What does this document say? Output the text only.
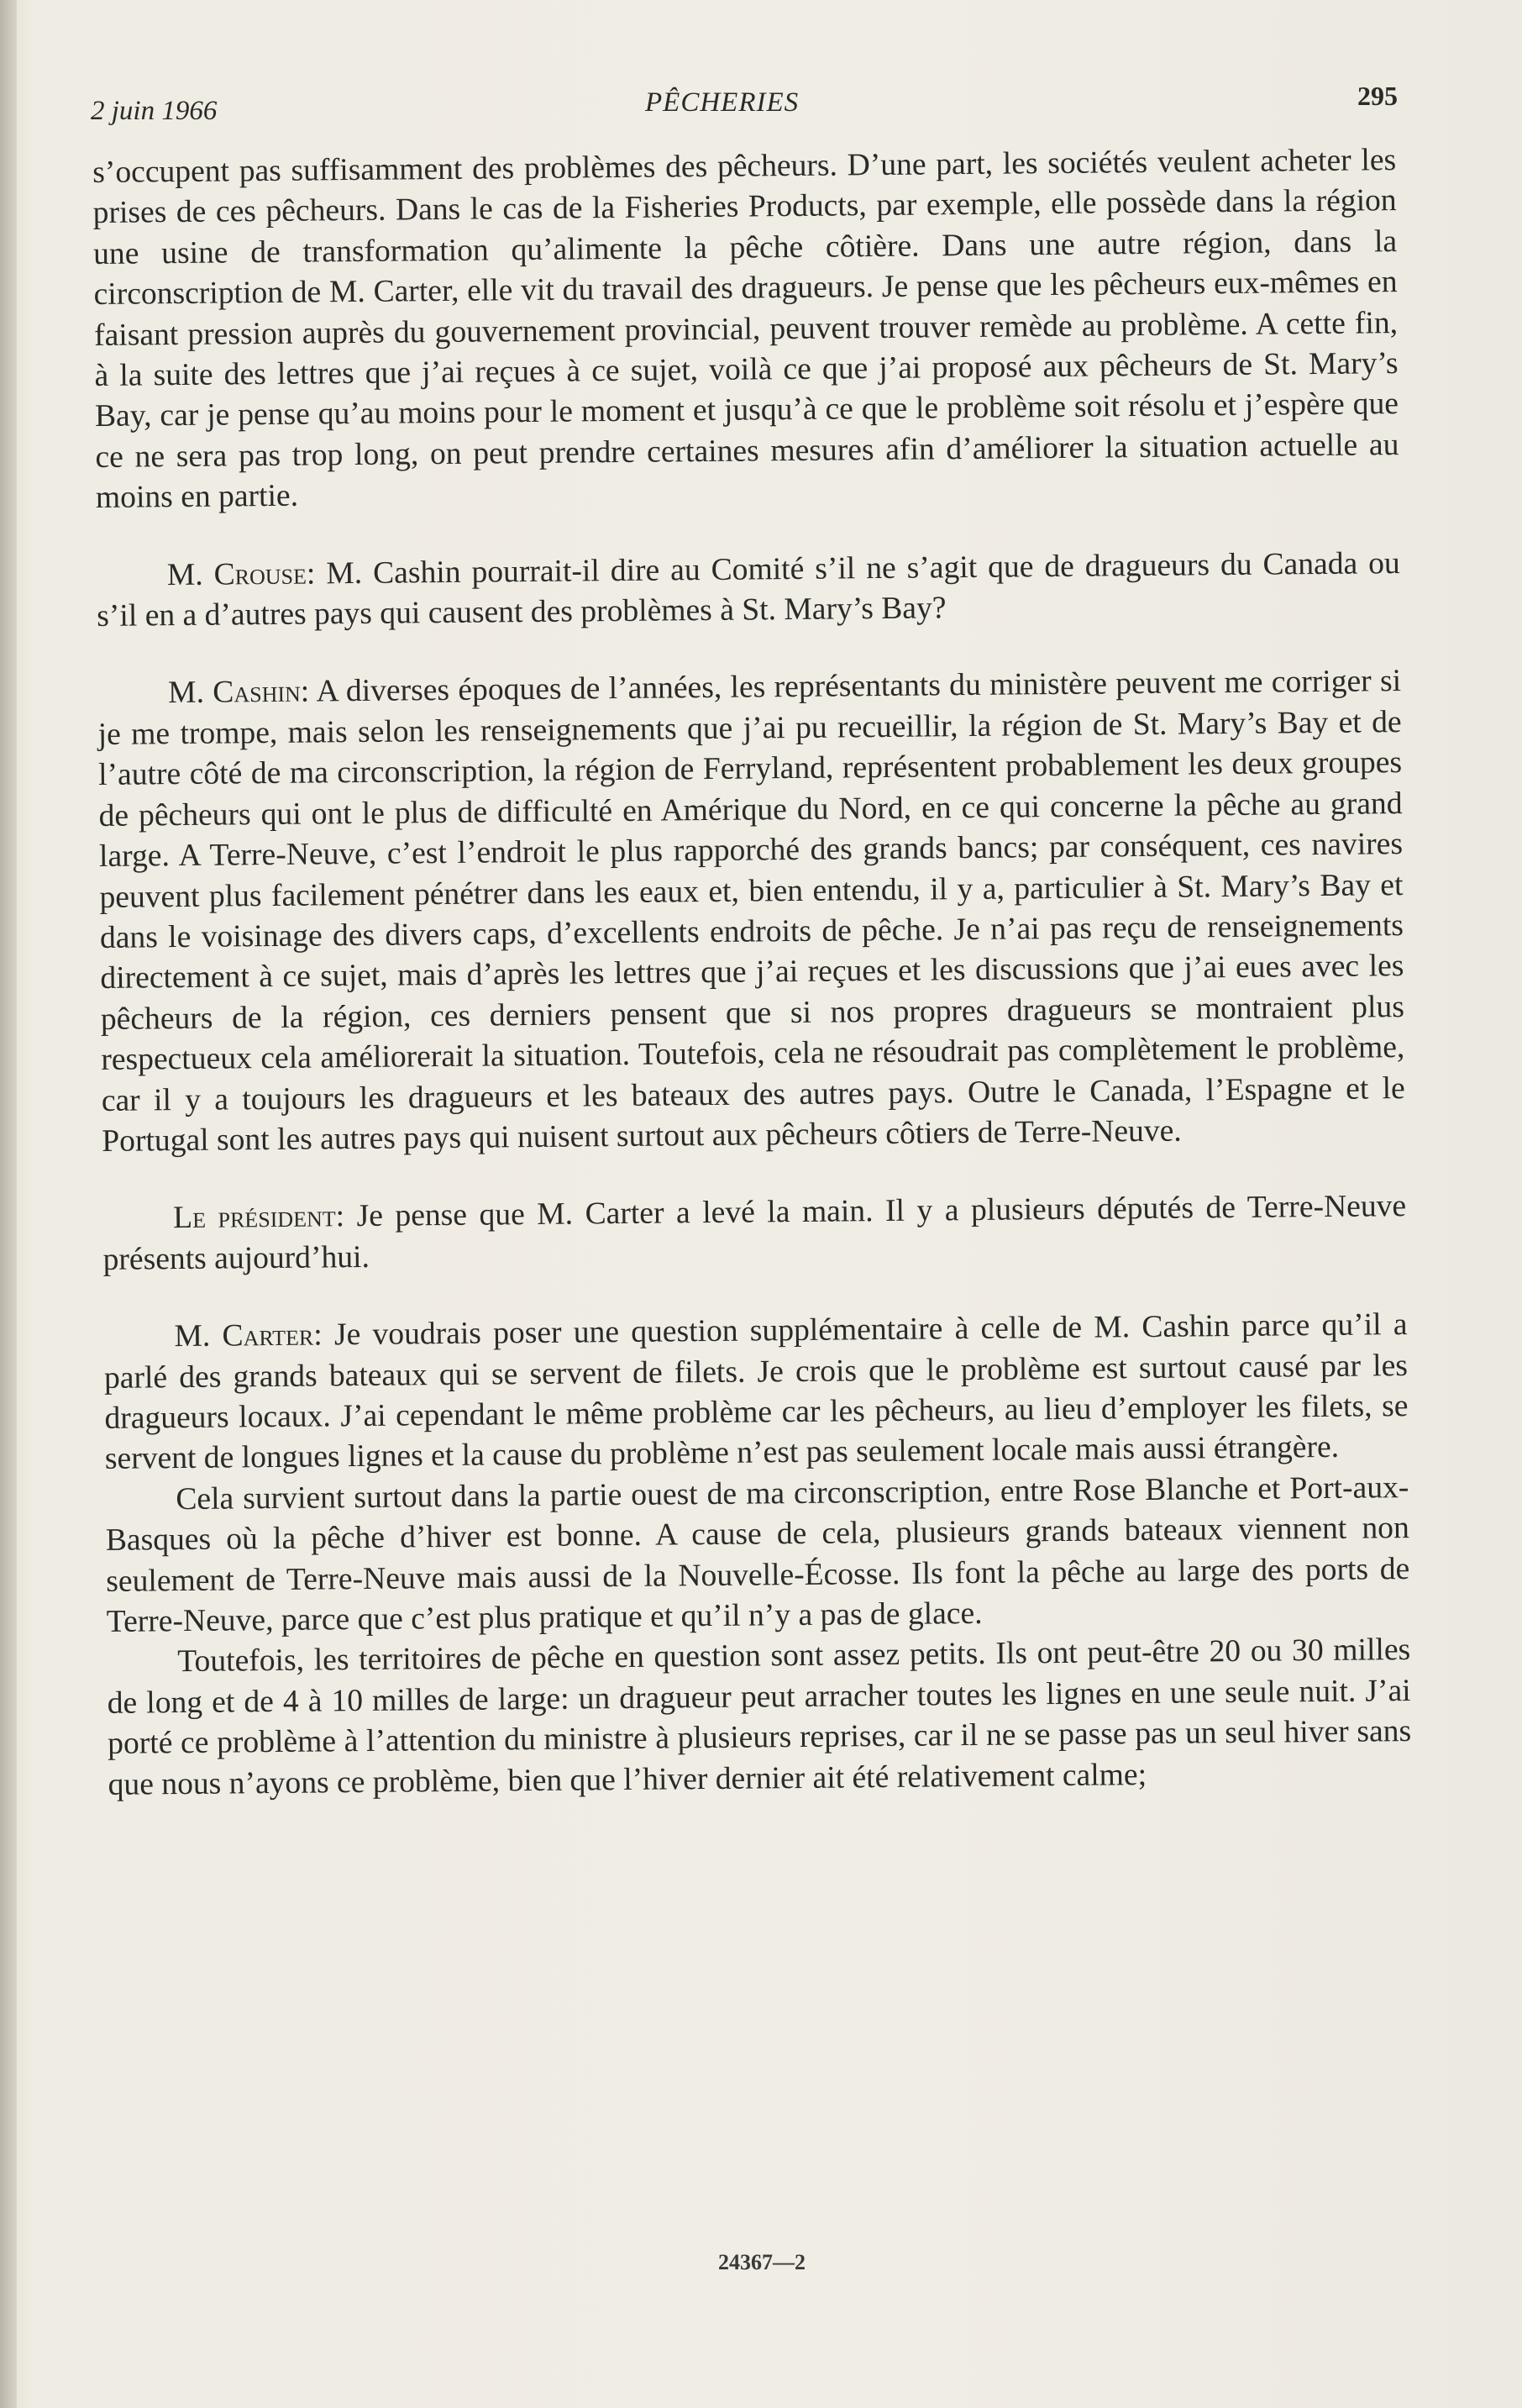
2 juin 1966	PÊCHERIES	295

s’occupent pas suffisamment des problèmes des pêcheurs. D’une part, les sociétés veulent acheter les prises de ces pêcheurs. Dans le cas de la Fisheries Products, par exemple, elle possède dans la région une usine de transformation qu’alimente la pêche côtière. Dans une autre région, dans la circonscription de M. Carter, elle vit du travail des dragueurs. Je pense que les pêcheurs eux-mêmes en faisant pression auprès du gouvernement provincial, peuvent trouver remède au problème. A cette fin, à la suite des lettres que j’ai reçues à ce sujet, voilà ce que j’ai proposé aux pêcheurs de St. Mary’s Bay, car je pense qu’au moins pour le moment et jusqu’à ce que le problème soit résolu et j’espère que ce ne sera pas trop long, on peut prendre certaines mesures afin d’améliorer la situation actuelle au moins en partie.

M. Crouse: M. Cashin pourrait-il dire au Comité s’il ne s’agit que de dragueurs du Canada ou s’il en a d’autres pays qui causent des problèmes à St. Mary’s Bay?

M. Cashin: A diverses époques de l’années, les représentants du ministère peuvent me corriger si je me trompe, mais selon les renseignements que j’ai pu recueillir, la région de St. Mary’s Bay et de l’autre côté de ma circonscription, la région de Ferryland, représentent probablement les deux groupes de pêcheurs qui ont le plus de difficulté en Amérique du Nord, en ce qui concerne la pêche au grand large. A Terre-Neuve, c’est l’endroit le plus rapporché des grands bancs; par conséquent, ces navires peuvent plus facilement pénétrer dans les eaux et, bien entendu, il y a, particulier à St. Mary’s Bay et dans le voisinage des divers caps, d’excellents endroits de pêche. Je n’ai pas reçu de renseignements directement à ce sujet, mais d’après les lettres que j’ai reçues et les discussions que j’ai eues avec les pêcheurs de la région, ces derniers pensent que si nos propres dragueurs se montraient plus respectueux cela améliorerait la situation. Toutefois, cela ne résoudrait pas complètement le problème, car il y a toujours les dragueurs et les bateaux des autres pays. Outre le Canada, l’Espagne et le Portugal sont les autres pays qui nuisent surtout aux pêcheurs côtiers de Terre-Neuve.

Le président: Je pense que M. Carter a levé la main. Il y a plusieurs députés de Terre-Neuve présents aujourd’hui.

M. Carter: Je voudrais poser une question supplémentaire à celle de M. Cashin parce qu’il a parlé des grands bateaux qui se servent de filets. Je crois que le problème est surtout causé par les dragueurs locaux. J’ai cependant le même problème car les pêcheurs, au lieu d’employer les filets, se servent de longues lignes et la cause du problème n’est pas seulement locale mais aussi étrangère.

Cela survient surtout dans la partie ouest de ma circonscription, entre Rose Blanche et Port-aux-Basques où la pêche d’hiver est bonne. A cause de cela, plusieurs grands bateaux viennent non seulement de Terre-Neuve mais aussi de la Nouvelle-Écosse. Ils font la pêche au large des ports de Terre-Neuve, parce que c’est plus pratique et qu’il n’y a pas de glace.

Toutefois, les territoires de pêche en question sont assez petits. Ils ont peut-être 20 ou 30 milles de long et de 4 à 10 milles de large: un dragueur peut arracher toutes les lignes en une seule nuit. J’ai porté ce problème à l’attention du ministre à plusieurs reprises, car il ne se passe pas un seul hiver sans que nous n’ayons ce problème, bien que l’hiver dernier ait été relativement calme;

24367—2
